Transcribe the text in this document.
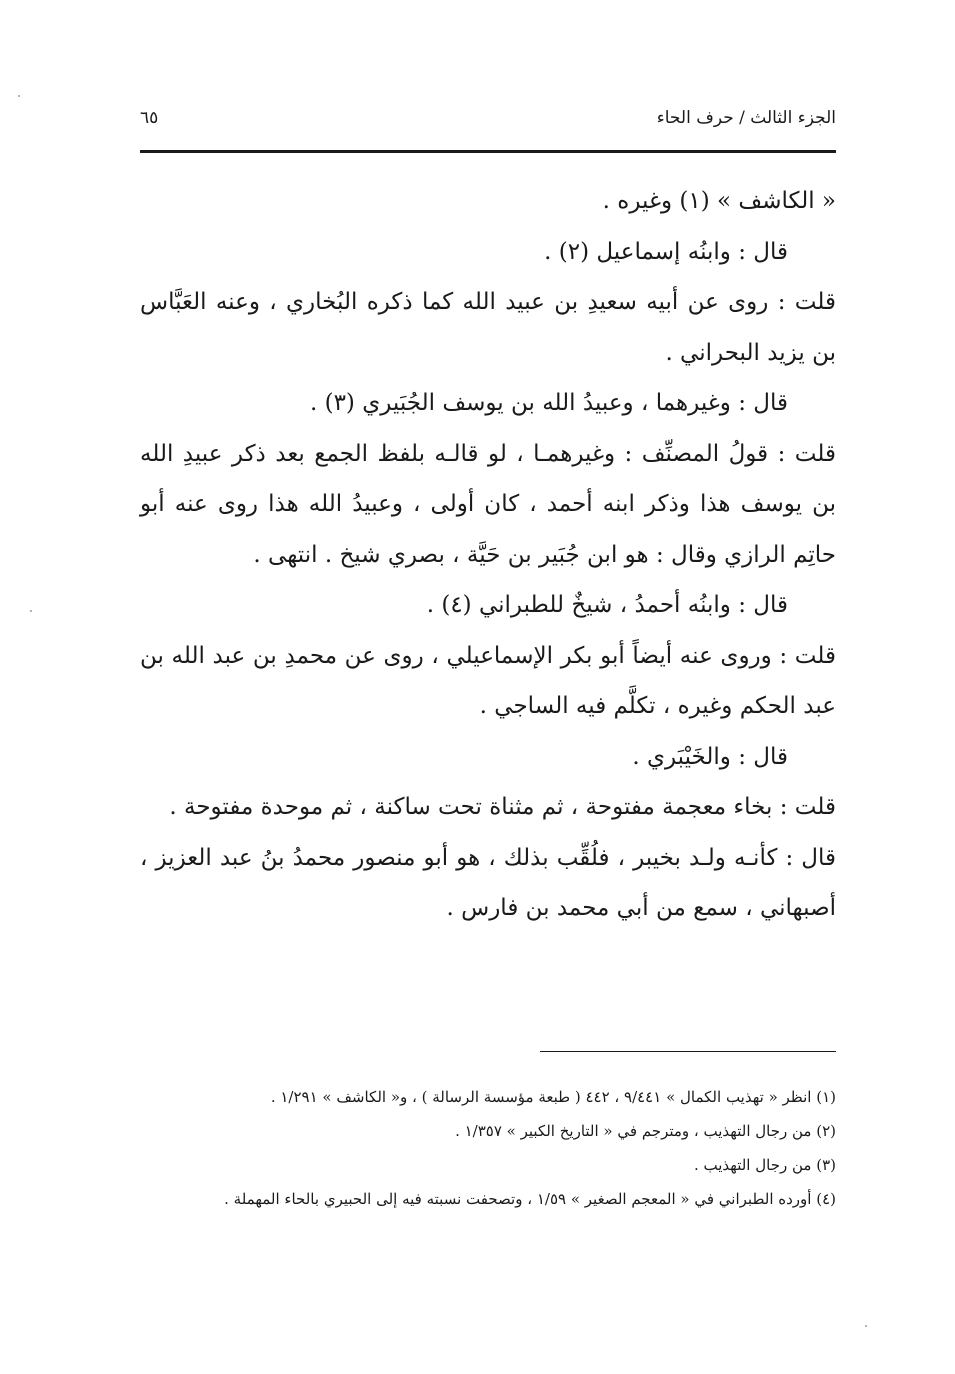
الجزء الثالث / حرف الحاء
٦٥

« الكاشف » (١) وغيره .

قال : وابنُه إسماعيل (٢) .

قلت : روى عن أبيه سعيدِ بن عبيد الله كما ذكره البُخاري ، وعنه العَبَّاس بن يزيد البحراني .

قال : وغيرهما ، وعبيدُ الله بن يوسف الجُبَيري (٣) .

قلت : قولُ المصنِّف : وغيرهمـا ، لو قالـه بلفظ الجمع بعد ذكر عبيدِ الله بن يوسف هذا وذكر ابنه أحمد ، كان أولى ، وعبيدُ الله هذا روى عنه أبو حاتِم الرازي وقال : هو ابن جُبَير بن حَيَّة ، بصري شيخ . انتهى .

قال : وابنُه أحمدُ ، شيخٌ للطبراني (٤) .

قلت : وروى عنه أيضاً أبو بكر الإسماعيلي ، روى عن محمدِ بن عبد الله بن عبد الحكم وغيره ، تكلَّم فيه الساجي .

قال : والخَيْبَري .

قلت : بخاء معجمة مفتوحة ، ثم مثناة تحت ساكنة ، ثم موحدة مفتوحة .

قال : كأنـه ولـد بخيبر ، فلُقِّب بذلك ، هو أبو منصور محمدُ بنُ عبد العزيز ، أصبهاني ، سمع من أبي محمد بن فارس .

(١) انظر « تهذيب الكمال » ٩/٤٤١ ، ٤٤٢ ( طبعة مؤسسة الرسالة ) ، و« الكاشف » ١/٢٩١ .

(٢) من رجال التهذيب ، ومترجم في « التاريخ الكبير » ١/٣٥٧ .

(٣) من رجال التهذيب .

(٤) أورده الطبراني في « المعجم الصغير » ١/٥٩ ، وتصحفت نسبته فيه إلى الحبيري بالحاء المهملة .
